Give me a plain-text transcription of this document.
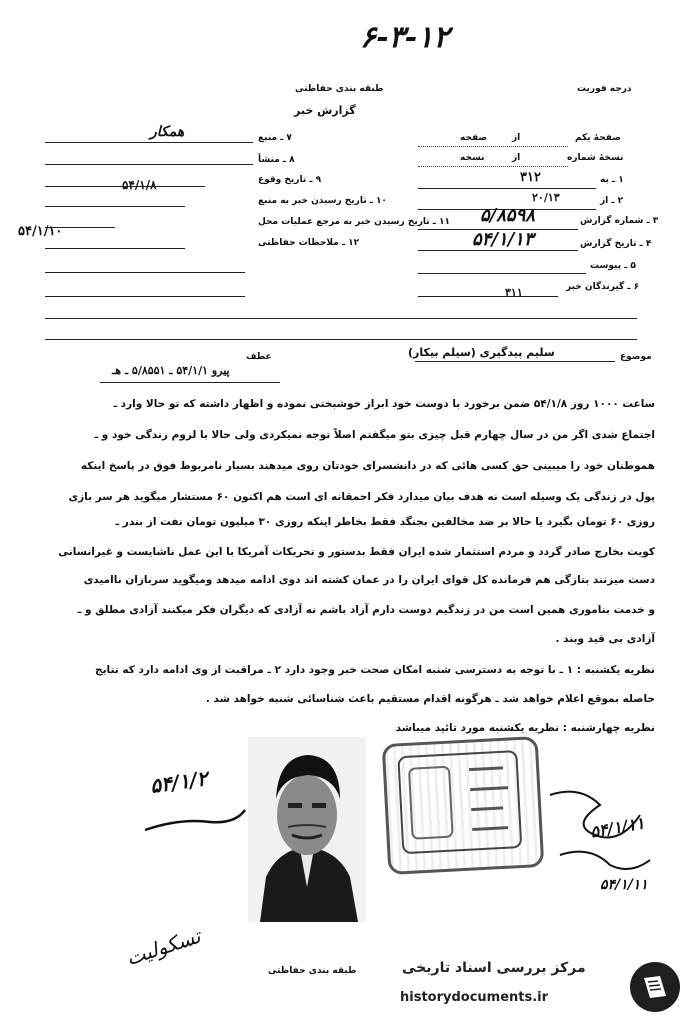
۶-۳-۱۲
طبقه بندی حفاظتی
گزارش خبر
درجه فوریت
صفحهٔ یکم
از
صفحه
نسخهٔ شماره
از
نسخه
۱ ـ به
۳۱۲
۲ ـ از
۲۰/۱۳
۳ ـ شماره گزارش
۵/۸۵۹۸
۴ ـ تاریخ گزارش
۵۴/۱/۱۳
۵ ـ پیوست
۶ ـ گیرندگان خبر
۳۱۱
۷ ـ منبع
همکار
۸ ـ منشأ
۹ ـ تاریخ وقوع
۵۴/۱/۸
۱۰ ـ تاریخ رسیدن خبر به منبع
۱۱ ـ تاریخ رسیدن خبر به مرجع عملیات محل
۵۴/۱/۱۰
۱۲ ـ ملاحظات حفاظتی
موضوع
سلیم پیدگیری (سیلم بیکار)
عطف
پیرو ۵۴/۱/۱ ـ ۵/۸۵۵۱ ـ هـ
ساعت ۱۰۰۰ روز ۵۴/۱/۸ ضمن برخورد با دوست خود ابراز خوشبختی نموده و اظهار داشته که تو حالا وارد ـ
اجتماع شدی اگر من در سال چهارم قبل چیزی بتو میگفتم اصلاً توجه نمیکردی ولی حالا با لزوم زندگی خود و ـ
هموطنان خود را میبینی حق کسی هائی که در دانشسرای خودتان روی میدهند بسیار نامربوط فوق در پاسخ اینکه
پول در زندگی یک وسیله است نه هدف بیان میدارد فکر احمقانه ای است هم اکنون ۶۰ مستشار میگوید هر سر بازی
روزی ۶۰ تومان بگیرد یا حالا بر ضد مخالفین بجنگد فقط بخاطر اینکه روزی ۳۰ میلیون تومان نفت از بندر ـ
کویت بخارج صادر گردد و مردم استثمار شده ایران فقط بدستور و تحریکات آمریکا با این عمل ناشایست و غیرانسانی
دست میزنند بتازگی هم فرمانده کل قوای ایران را در عمان کشته اند دوی ادامه میدهد ومیگوید سربازان ناامیدی
و خدمت بناموری همین است من در زندگیم دوست دارم آزاد باشم نه آزادی که دیگران فکر میکنند آزادی مطلق و ـ
آزادی بی قید وبند .
نظریه یکشنبه : ۱ ـ با توجه به دسترسی شنبه امکان صحت خبر وجود دارد ۲ ـ مراقبت از وی ادامه دارد که نتایج
حاصله بموقع اعلام خواهد شد ـ هرگونه اقدام مستقیم باعث شناسائی شنبه خواهد شد .
نظریه چهارشنبه : نظریه یکشنبه مورد تائید میباشد
۵۴/۱/۲
۵۴/۱/۱۱
۵۴/۱/۱۱
تسکولیت
طبقه بندی حفاظتی	مرکز بررسی اسناد تاریخی
historydocuments.ir
